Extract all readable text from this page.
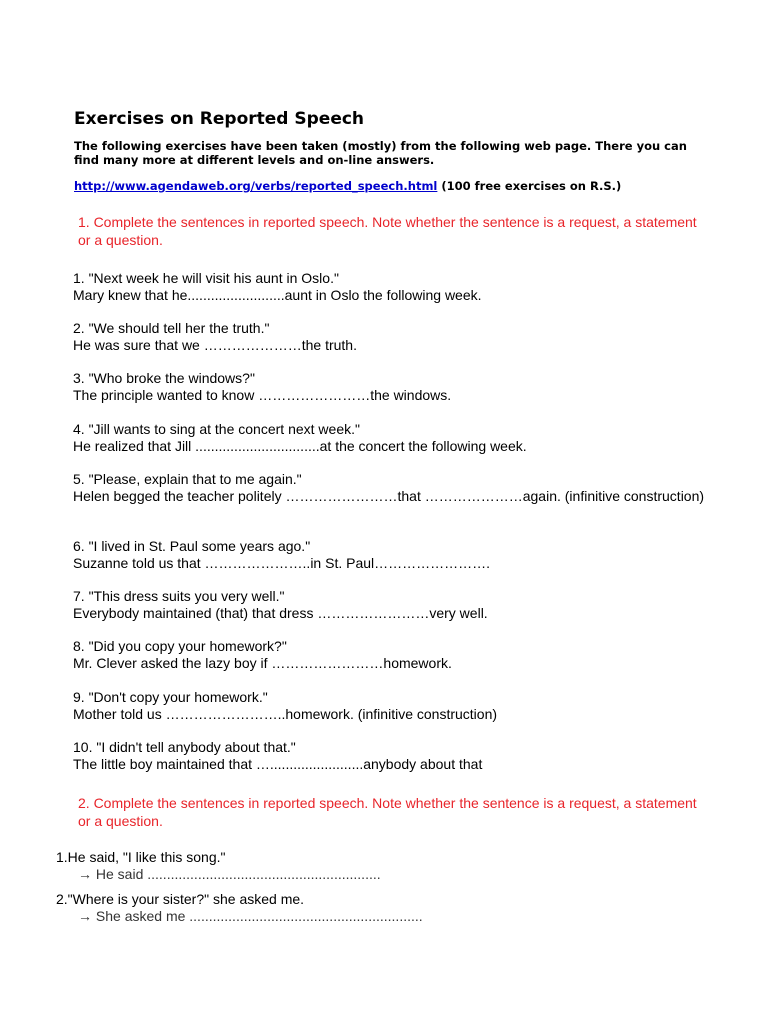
Exercises on Reported Speech
The following exercises have been taken (mostly) from the following web page. There you can find many more at different levels and on-line answers.
http://www.agendaweb.org/verbs/reported_speech.html (100 free exercises on R.S.)
1. Complete the sentences in reported speech. Note whether the sentence is a request, a statement or a question.
1. "Next week he will visit his aunt in Oslo."
Mary knew that he.........................aunt in Oslo the following week.
2. "We should tell her the truth."
He was sure that we …………………the truth.
3. "Who broke the windows?"
The principle wanted to know ……………………the windows.
4. "Jill wants to sing at the concert next week."
He realized that Jill ................................at the concert the following week.
5. "Please, explain that to me again."
Helen begged the teacher politely ……………………that …………………again. (infinitive construction)
6. "I lived in St. Paul some years ago."
Suzanne told us that …………………..in St. Paul…………………….
7. "This dress suits you very well."
Everybody maintained (that) that dress ……………………very well.
8. "Did you copy your homework?"
Mr. Clever asked the lazy boy if ……………………homework.
9. "Don't copy your homework."
Mother told us ……………………..homework. (infinitive construction)
10. "I didn't tell anybody about that."
The little boy maintained that …........................anybody about that
2. Complete the sentences in reported speech. Note whether the sentence is a request, a statement or a question.
1.He said, "I like this song."
→ He said ............................................................
2."Where is your sister?" she asked me.
→ She asked me ............................................................
